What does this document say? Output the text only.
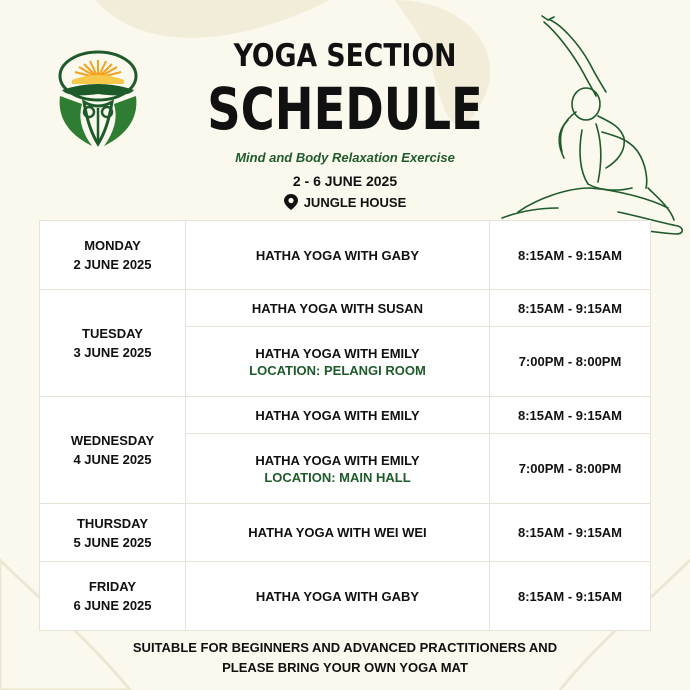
YOGA SECTION
SCHEDULE
Mind and Body Relaxation Exercise
2 - 6 JUNE 2025
JUNGLE HOUSE
MONDAY
2 JUNE 2025	HATHA YOGA WITH GABY	8:15AM - 9:15AM

TUESDAY
3 JUNE 2025	HATHA YOGA WITH SUSAN	8:15AM - 9:15AM
	HATHA YOGA WITH EMILY
LOCATION: PELANGI ROOM	7:00PM - 8:00PM

WEDNESDAY
4 JUNE 2025	HATHA YOGA WITH EMILY	8:15AM - 9:15AM
	HATHA YOGA WITH EMILY
LOCATION: MAIN HALL	7:00PM - 8:00PM

THURSDAY
5 JUNE 2025	HATHA YOGA WITH WEI WEI	8:15AM - 9:15AM

FRIDAY
6 JUNE 2025	HATHA YOGA WITH GABY	8:15AM - 9:15AM
SUITABLE FOR BEGINNERS AND ADVANCED PRACTITIONERS AND
PLEASE BRING YOUR OWN YOGA MAT
